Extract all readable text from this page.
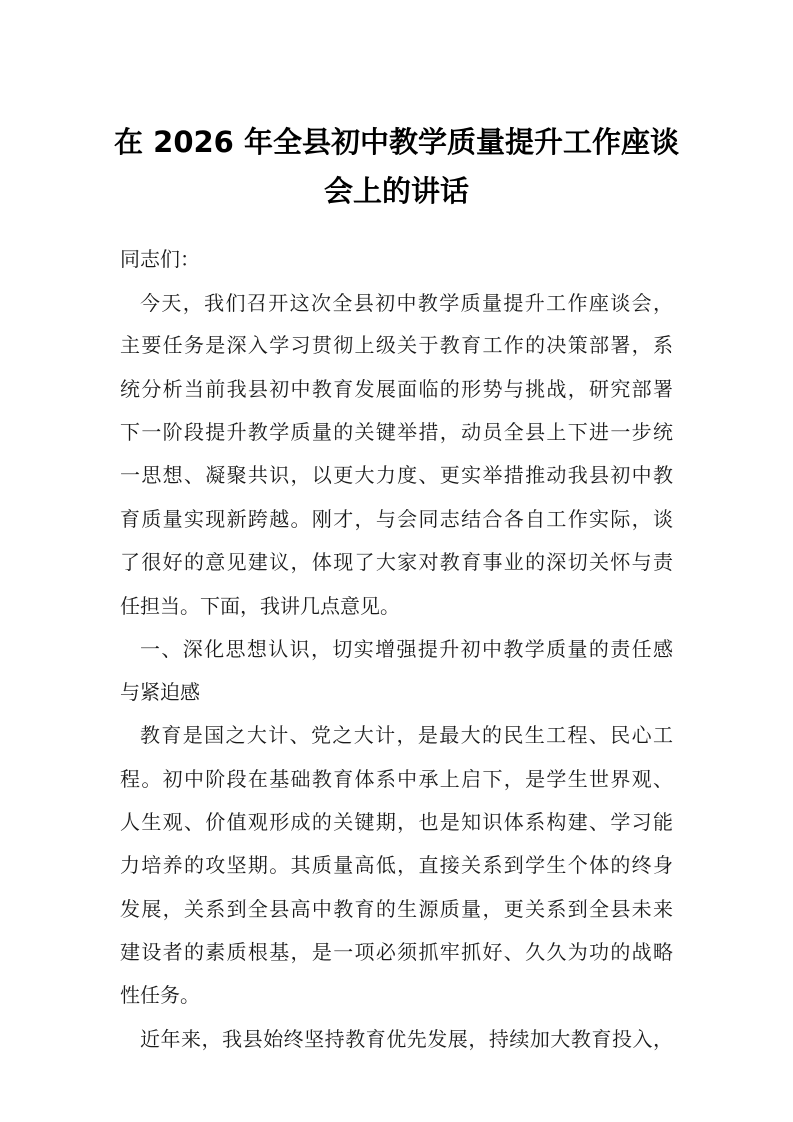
在 2026 年全县初中教学质量提升工作座谈
会上的讲话
同志们：
今天，我们召开这次全县初中教学质量提升工作座谈会，
主要任务是深入学习贯彻上级关于教育工作的决策部署，系
统分析当前我县初中教育发展面临的形势与挑战，研究部署
下一阶段提升教学质量的关键举措，动员全县上下进一步统
一思想、凝聚共识，以更大力度、更实举措推动我县初中教
育质量实现新跨越。刚才，与会同志结合各自工作实际，谈
了很好的意见建议，体现了大家对教育事业的深切关怀与责
任担当。下面，我讲几点意见。
一、深化思想认识，切实增强提升初中教学质量的责任感
与紧迫感
教育是国之大计、党之大计，是最大的民生工程、民心工
程。初中阶段在基础教育体系中承上启下，是学生世界观、
人生观、价值观形成的关键期，也是知识体系构建、学习能
力培养的攻坚期。其质量高低，直接关系到学生个体的终身
发展，关系到全县高中教育的生源质量，更关系到全县未来
建设者的素质根基，是一项必须抓牢抓好、久久为功的战略
性任务。
近年来，我县始终坚持教育优先发展，持续加大教育投入，
